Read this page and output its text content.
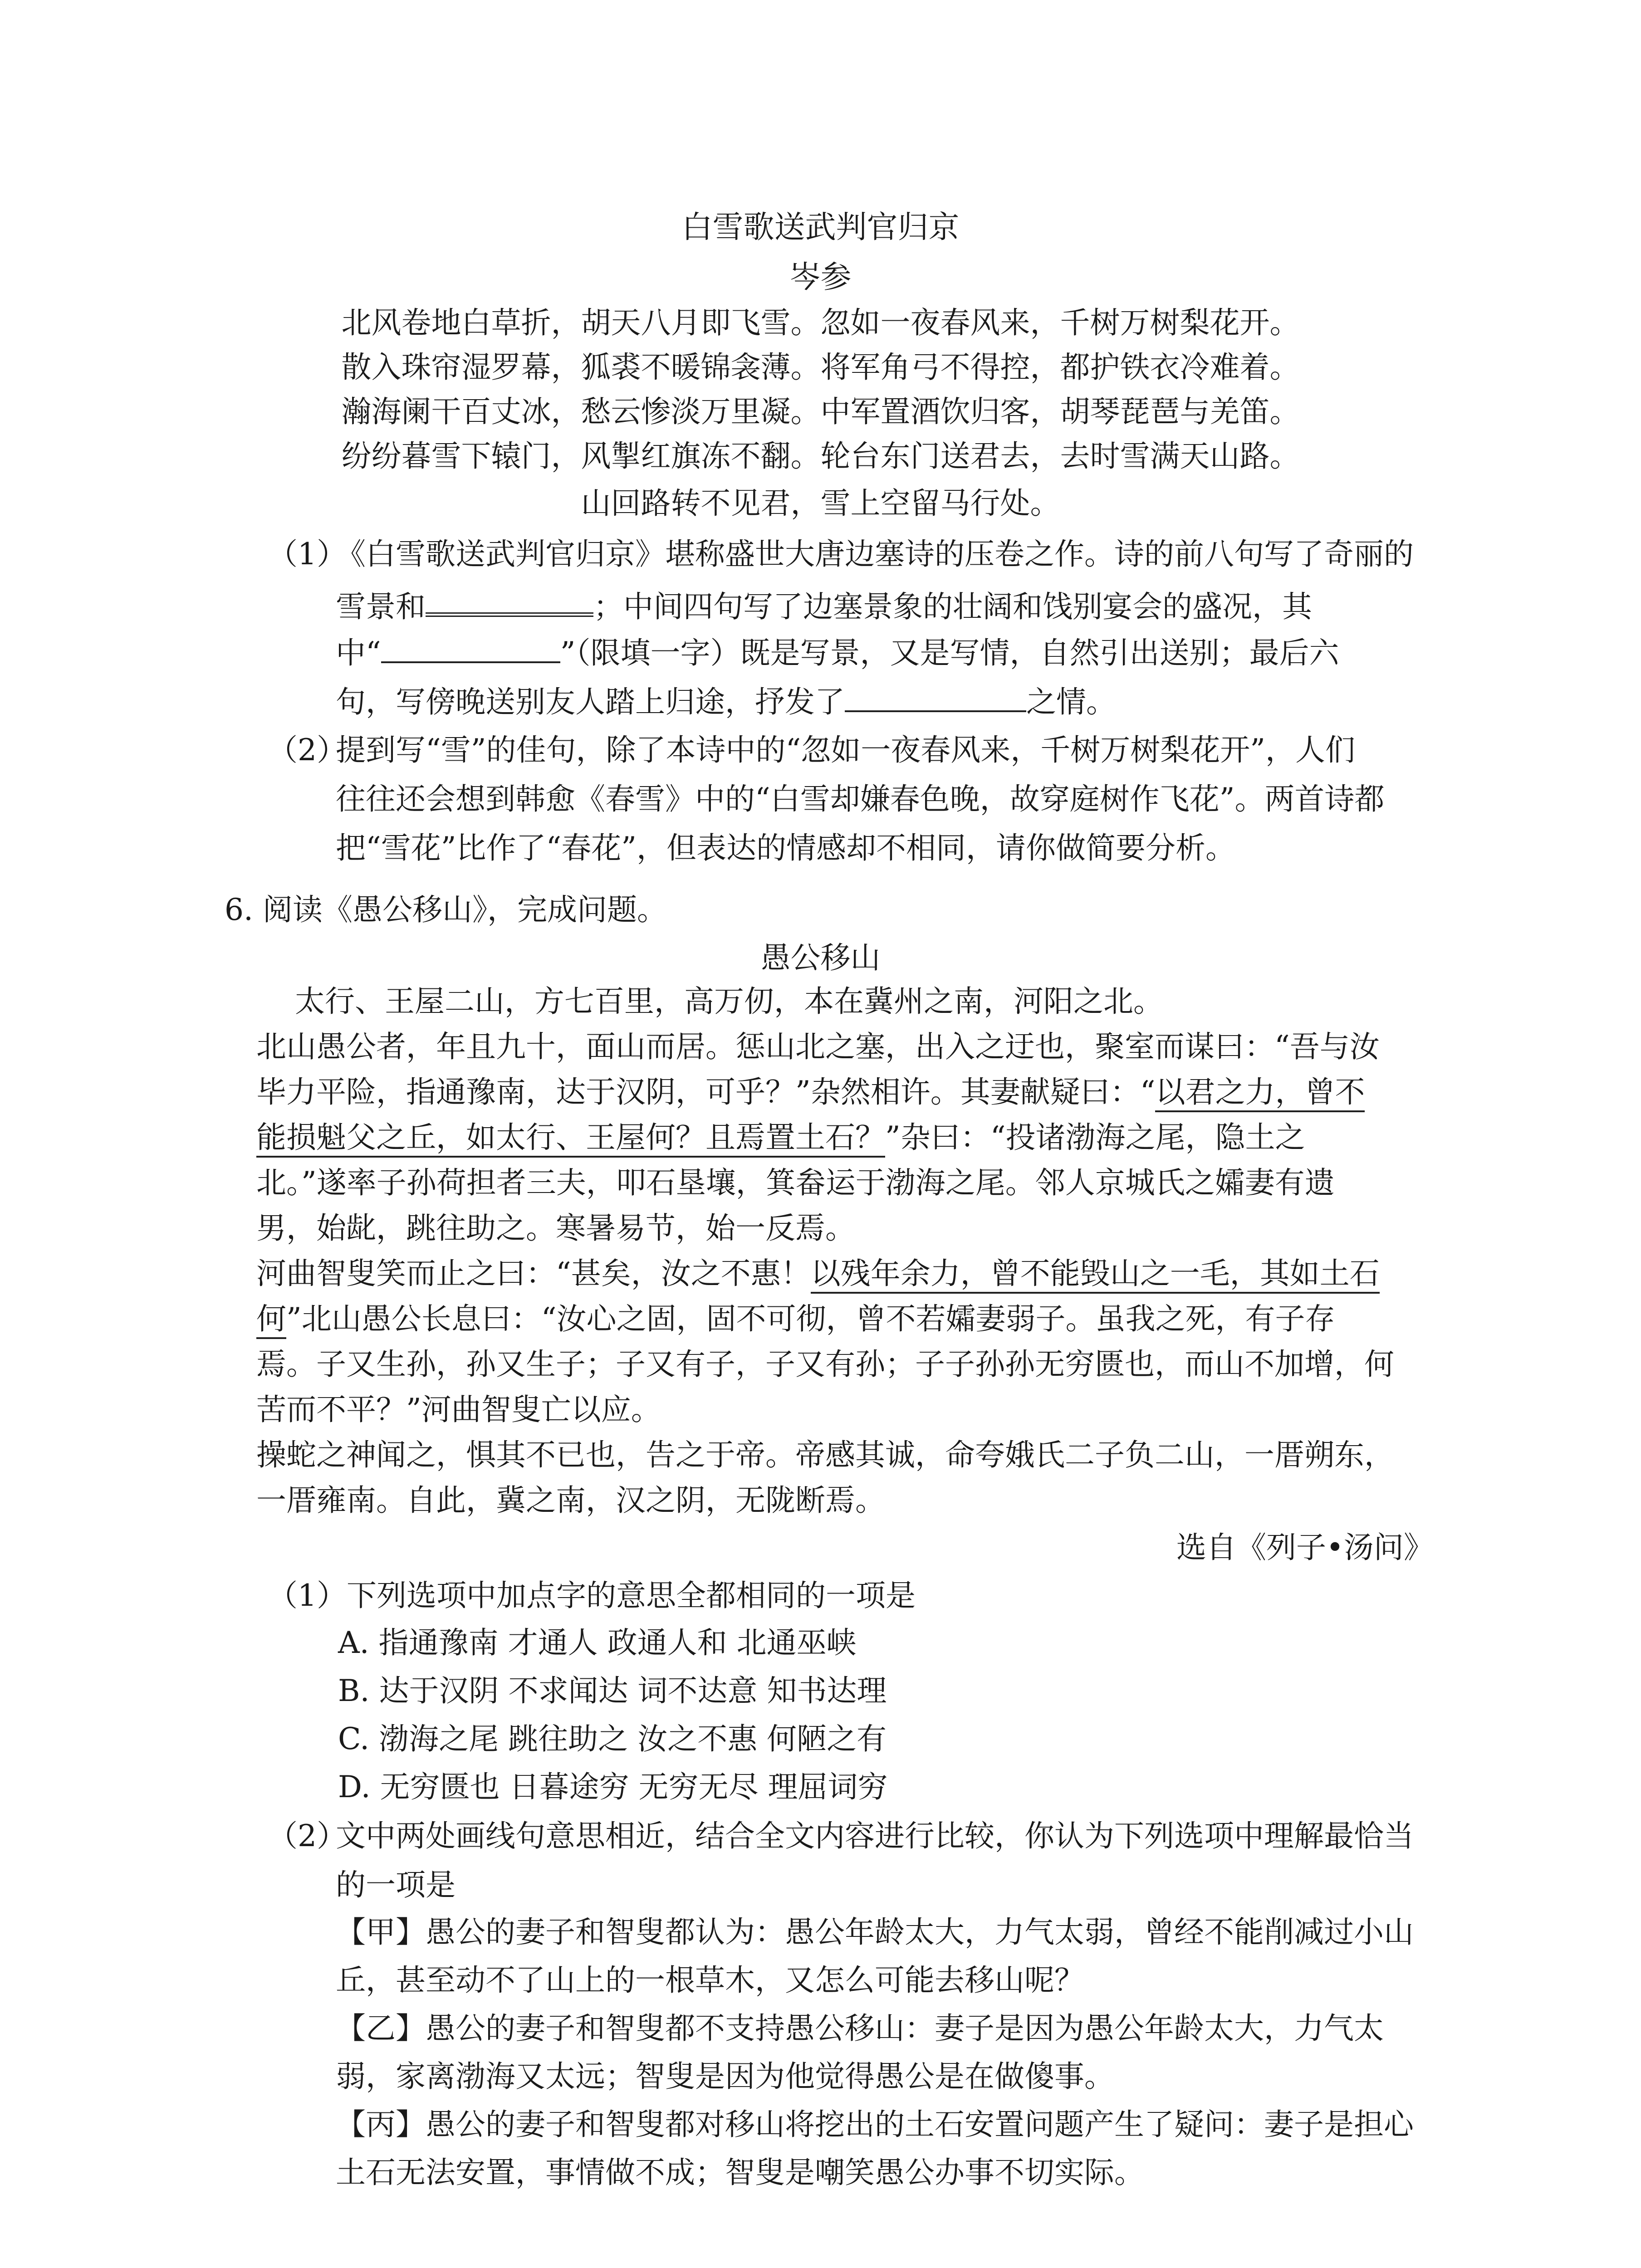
白雪歌送武判官归京
岑参
北风卷地白草折，胡天八月即飞雪。忽如一夜春风来，千树万树梨花开。
散入珠帘湿罗幕，狐裘不暖锦衾薄。将军角弓不得控，都护铁衣冷难着。
瀚海阑干百丈冰，愁云惨淡万里凝。中军置酒饮归客，胡琴琵琶与羌笛。
纷纷暮雪下辕门，风掣红旗冻不翻。轮台东门送君去，去时雪满天山路。
山回路转不见君，雪上空留马行处。
（1）
《白雪歌送武判官归京》堪称盛世大唐边塞诗的压卷之作。诗的前八句写了奇丽的
雪景和	；中间四句写了边塞景象的壮阔和饯别宴会的盛况，其
中“	”（限填一字）既是写景，又是写情，自然引出送别；最后六
句，写傍晚送别友人踏上归途，抒发了	之情。
（2）
提到写“雪”的佳句，除了本诗中的“忽如一夜春风来，千树万树梨花开”，人们
往往还会想到韩愈《春雪》中的“白雪却嫌春色晚，故穿庭树作飞花”。两首诗都
把“雪花”比作了“春花”，但表达的情感却不相同，请你做简要分析。
6. 阅读《愚公移山》，完成问题。
愚公移山
太行、王屋二山，方七百里，高万仞，本在冀州之南，河阳之北。
北山愚公者，年且九十，面山而居。惩山北之塞，出入之迂也，聚室而谋曰：“吾与汝
毕力平险，指通豫南，达于汉阴，可乎？”杂然相许。其妻献疑曰：“以君之力，曾不
能损魁父之丘，如太行、王屋何？且焉置土石？”杂曰：“投诸渤海之尾，隐土之
北。”遂率子孙荷担者三夫，叩石垦壤，箕畚运于渤海之尾。邻人京城氏之孀妻有遗
男，始龀，跳往助之。寒暑易节，始一反焉。
河曲智叟笑而止之曰：“甚矣，汝之不惠！以残年余力，曾不能毁山之一毛，其如土石
何”北山愚公长息曰：“汝心之固，固不可彻，曾不若孀妻弱子。虽我之死，有子存
焉。子又生孙，孙又生子；子又有子，子又有孙；子子孙孙无穷匮也，而山不加增，何
苦而不平？”河曲智叟亡以应。
操蛇之神闻之，惧其不已也，告之于帝。帝感其诚，命夸娥氏二子负二山，一厝朔东，
一厝雍南。自此，冀之南，汉之阴，无陇断焉。
选自《列子•汤问》
（1）下列选项中加点字的意思全都相同的一项是
A. 指通豫南 才通人 政通人和 北通巫峡
B. 达于汉阴 不求闻达 词不达意 知书达理
C. 渤海之尾 跳往助之 汝之不惠 何陋之有
D. 无穷匮也 日暮途穷 无穷无尽 理屈词穷
（2）
文中两处画线句意思相近，结合全文内容进行比较，你认为下列选项中理解最恰当
的一项是
【甲】愚公的妻子和智叟都认为：愚公年龄太大，力气太弱，曾经不能削减过小山
丘，甚至动不了山上的一根草木，又怎么可能去移山呢？
【乙】愚公的妻子和智叟都不支持愚公移山：妻子是因为愚公年龄太大，力气太
弱，家离渤海又太远；智叟是因为他觉得愚公是在做傻事。
【丙】愚公的妻子和智叟都对移山将挖出的土石安置问题产生了疑问：妻子是担心
土石无法安置，事情做不成；智叟是嘲笑愚公办事不切实际。
